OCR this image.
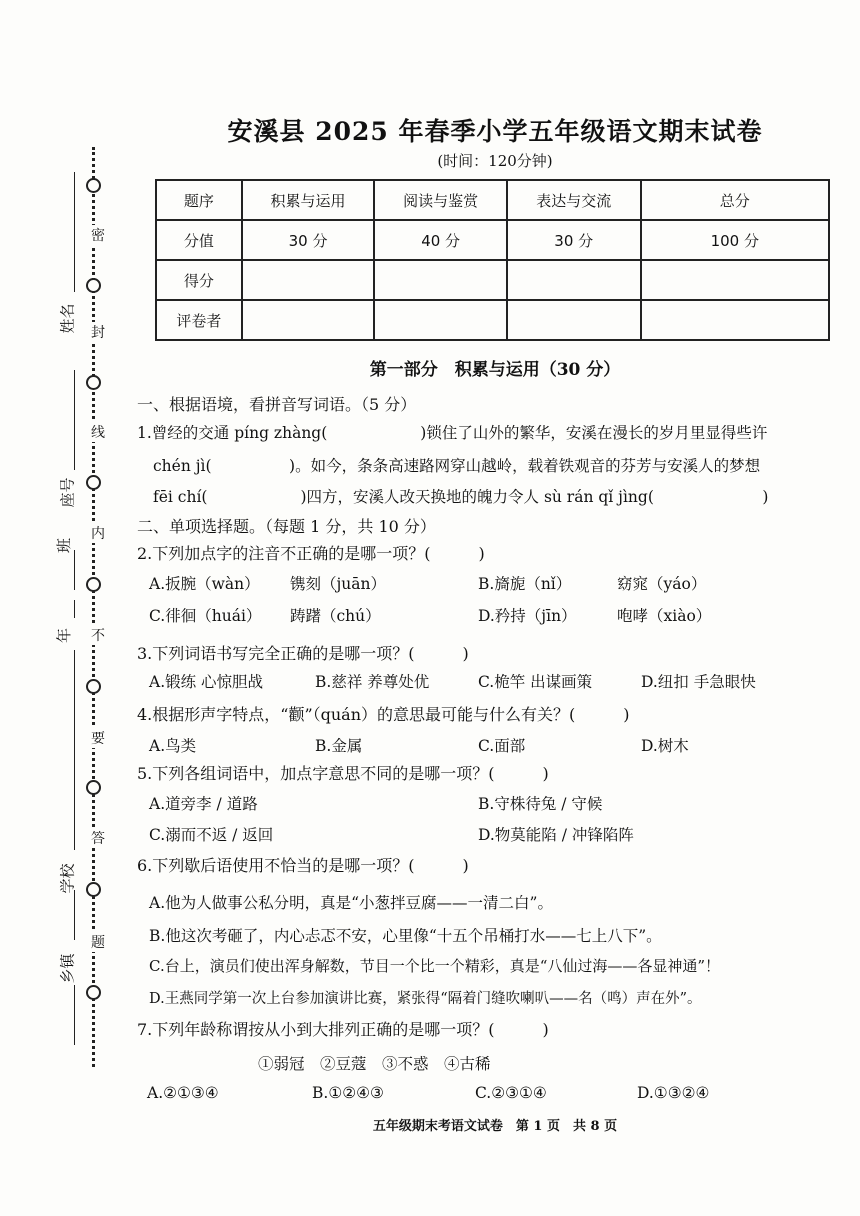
密
封
线
内
不
要
答
题
姓名
座号
班
年
学校
乡镇
安溪县 2025 年春季小学五年级语文期末试卷
(时间：120分钟)
题序	积累与运用	阅读与鉴赏	表达与交流	总分
分值	30 分	40 分	30 分	100 分
得分				
评卷者				
第一部分　积累与运用（30 分）
一、根据语境，看拼音写词语。（5 分）
1.曾经的交通 píng zhàng(　　　　　　)锁住了山外的繁华，安溪在漫长的岁月里显得些许
chén jì(　　　　　)。如今，条条高速路网穿山越岭，载着铁观音的芬芳与安溪人的梦想
fēi chí(　　　　　　)四方，安溪人改天换地的魄力令人 sù rán qǐ jìng(　　　　　　　)
二、单项选择题。（每题 1 分，共 10 分）
2.下列加点字的注音不正确的是哪一项？(　　　)
A.扳腕（wàn） 镌刻（juān）	B.旖旎（nǐ）	窈窕（yáo）
C.徘徊（huái） 踌躇（chú）	D.矜持（jīn）	咆哮（xiào）
3.下列词语书写完全正确的是哪一项？(　　　)
A.锻练 心惊胆战	B.慈祥 养尊处优	C.桅竿 出谋画策	D.纽扣 手急眼快
4.根据形声字特点，“颧”（quán）的意思最可能与什么有关？(　　　)
A.鸟类	B.金属	C.面部	D.树木
5.下列各组词语中，加点字意思不同的是哪一项？(　　　)
A.道旁李 / 道路	B.守株待兔 / 守候
C.溺而不返 / 返回	D.物莫能陷 / 冲锋陷阵
6.下列歇后语使用不恰当的是哪一项？(　　　)
A.他为人做事公私分明，真是“小葱拌豆腐——一清二白”。
B.他这次考砸了，内心忐忑不安，心里像“十五个吊桶打水——七上八下”。
C.台上，演员们使出浑身解数，节目一个比一个精彩，真是“八仙过海——各显神通”！
D.王燕同学第一次上台参加演讲比赛，紧张得“隔着门缝吹喇叭——名（鸣）声在外”。
7.下列年龄称谓按从小到大排列正确的是哪一项？(　　　)
①弱冠　②豆蔻　③不惑　④古稀
A.②①③④	B.①②④③	C.②③①④	D.①③②④
五年级期末考语文试卷　第 1 页　共 8 页
